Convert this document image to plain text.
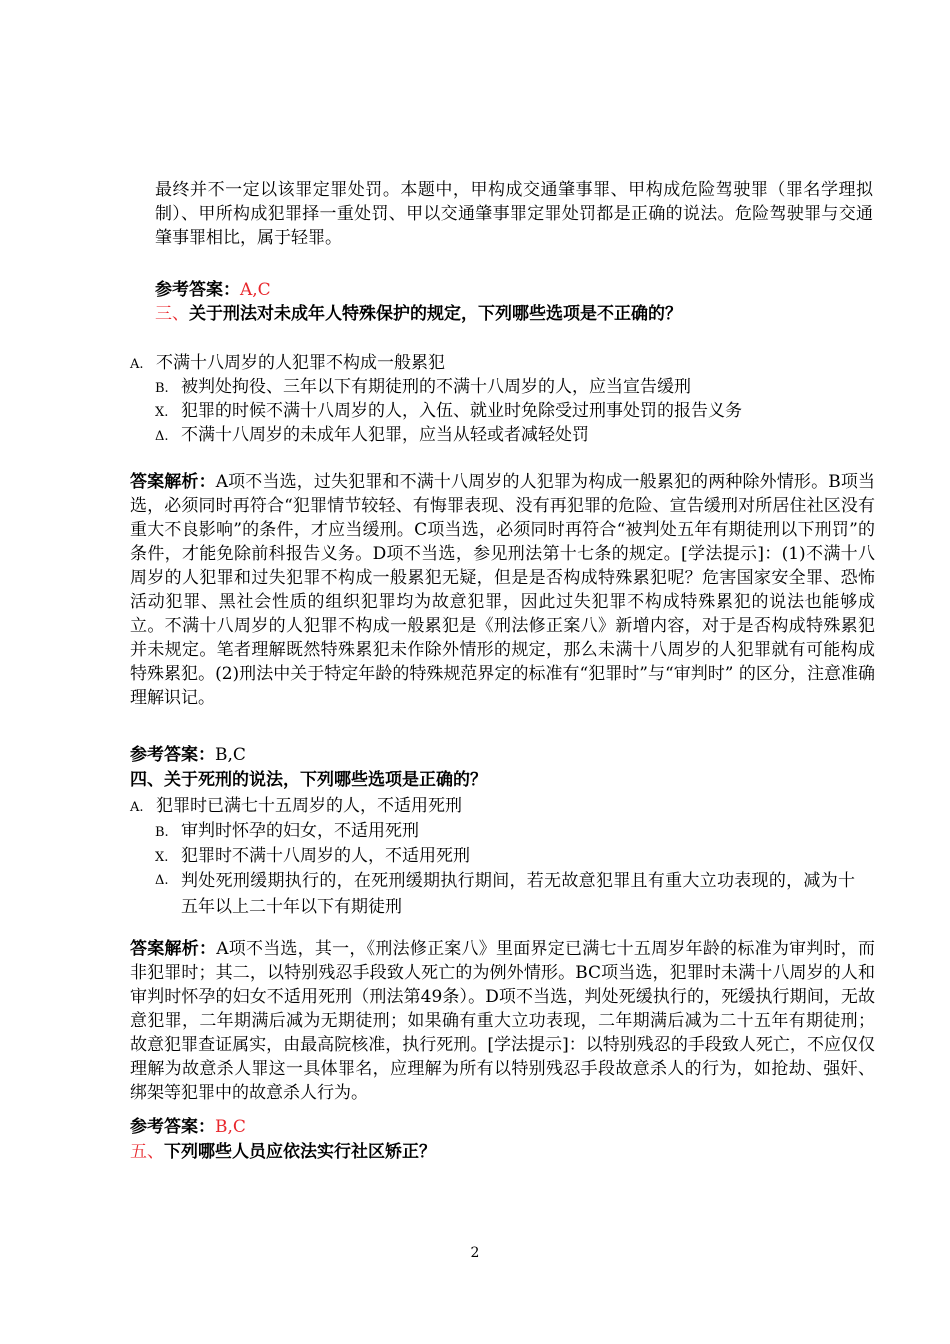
最终并不一定以该罪定罪处罚。本题中，甲构成交通肇事罪、甲构成危险驾驶罪（罪名学理拟制）、甲所构成犯罪择一重处罚、甲以交通肇事罪定罪处罚都是正确的说法。危险驾驶罪与交通肇事罪相比，属于轻罪。
参考答案：A,C
三、关于刑法对未成年人特殊保护的规定，下列哪些选项是不正确的？
A. 不满十八周岁的人犯罪不构成一般累犯
B. 被判处拘役、三年以下有期徒刑的不满十八周岁的人，应当宣告缓刑
X. 犯罪的时候不满十八周岁的人，入伍、就业时免除受过刑事处罚的报告义务
Δ. 不满十八周岁的未成年人犯罪，应当从轻或者减轻处罚
答案解析：A项不当选，过失犯罪和不满十八周岁的人犯罪为构成一般累犯的两种除外情形。B项当选，必须同时再符合“犯罪情节较轻、有悔罪表现、没有再犯罪的危险、宣告缓刑对所居住社区没有重大不良影响”的条件，才应当缓刑。C项当选，必须同时再符合“被判处五年有期徒刑以下刑罚”的条件，才能免除前科报告义务。D项不当选，参见刑法第十七条的规定。[学法提示]：(1)不满十八周岁的人犯罪和过失犯罪不构成一般累犯无疑，但是是否构成特殊累犯呢？危害国家安全罪、恐怖活动犯罪、黑社会性质的组织犯罪均为故意犯罪，因此过失犯罪不构成特殊累犯的说法也能够成立。不满十八周岁的人犯罪不构成一般累犯是《刑法修正案八》新增内容，对于是否构成特殊累犯并未规定。笔者理解既然特殊累犯未作除外情形的规定，那么未满十八周岁的人犯罪就有可能构成特殊累犯。(2)刑法中关于特定年龄的特殊规范界定的标准有“犯罪时”与“审判时” 的区分，注意准确理解识记。
参考答案：B,C
四、关于死刑的说法，下列哪些选项是正确的？
A. 犯罪时已满七十五周岁的人，不适用死刑
B. 审判时怀孕的妇女，不适用死刑
X. 犯罪时不满十八周岁的人，不适用死刑
Δ. 判处死刑缓期执行的，在死刑缓期执行期间，若无故意犯罪且有重大立功表现的，减为十五年以上二十年以下有期徒刑
答案解析：A项不当选，其一，《刑法修正案八》里面界定已满七十五周岁年龄的标准为审判时，而非犯罪时；其二，以特别残忍手段致人死亡的为例外情形。BC项当选，犯罪时未满十八周岁的人和审判时怀孕的妇女不适用死刑（刑法第49条）。D项不当选，判处死缓执行的，死缓执行期间，无故意犯罪，二年期满后减为无期徒刑；如果确有重大立功表现，二年期满后减为二十五年有期徒刑；故意犯罪查证属实，由最高院核准，执行死刑。[学法提示]：以特别残忍的手段致人死亡，不应仅仅理解为故意杀人罪这一具体罪名，应理解为所有以特别残忍手段故意杀人的行为，如抢劫、强奸、绑架等犯罪中的故意杀人行为。
参考答案：B,C
五、下列哪些人员应依法实行社区矫正？
2
